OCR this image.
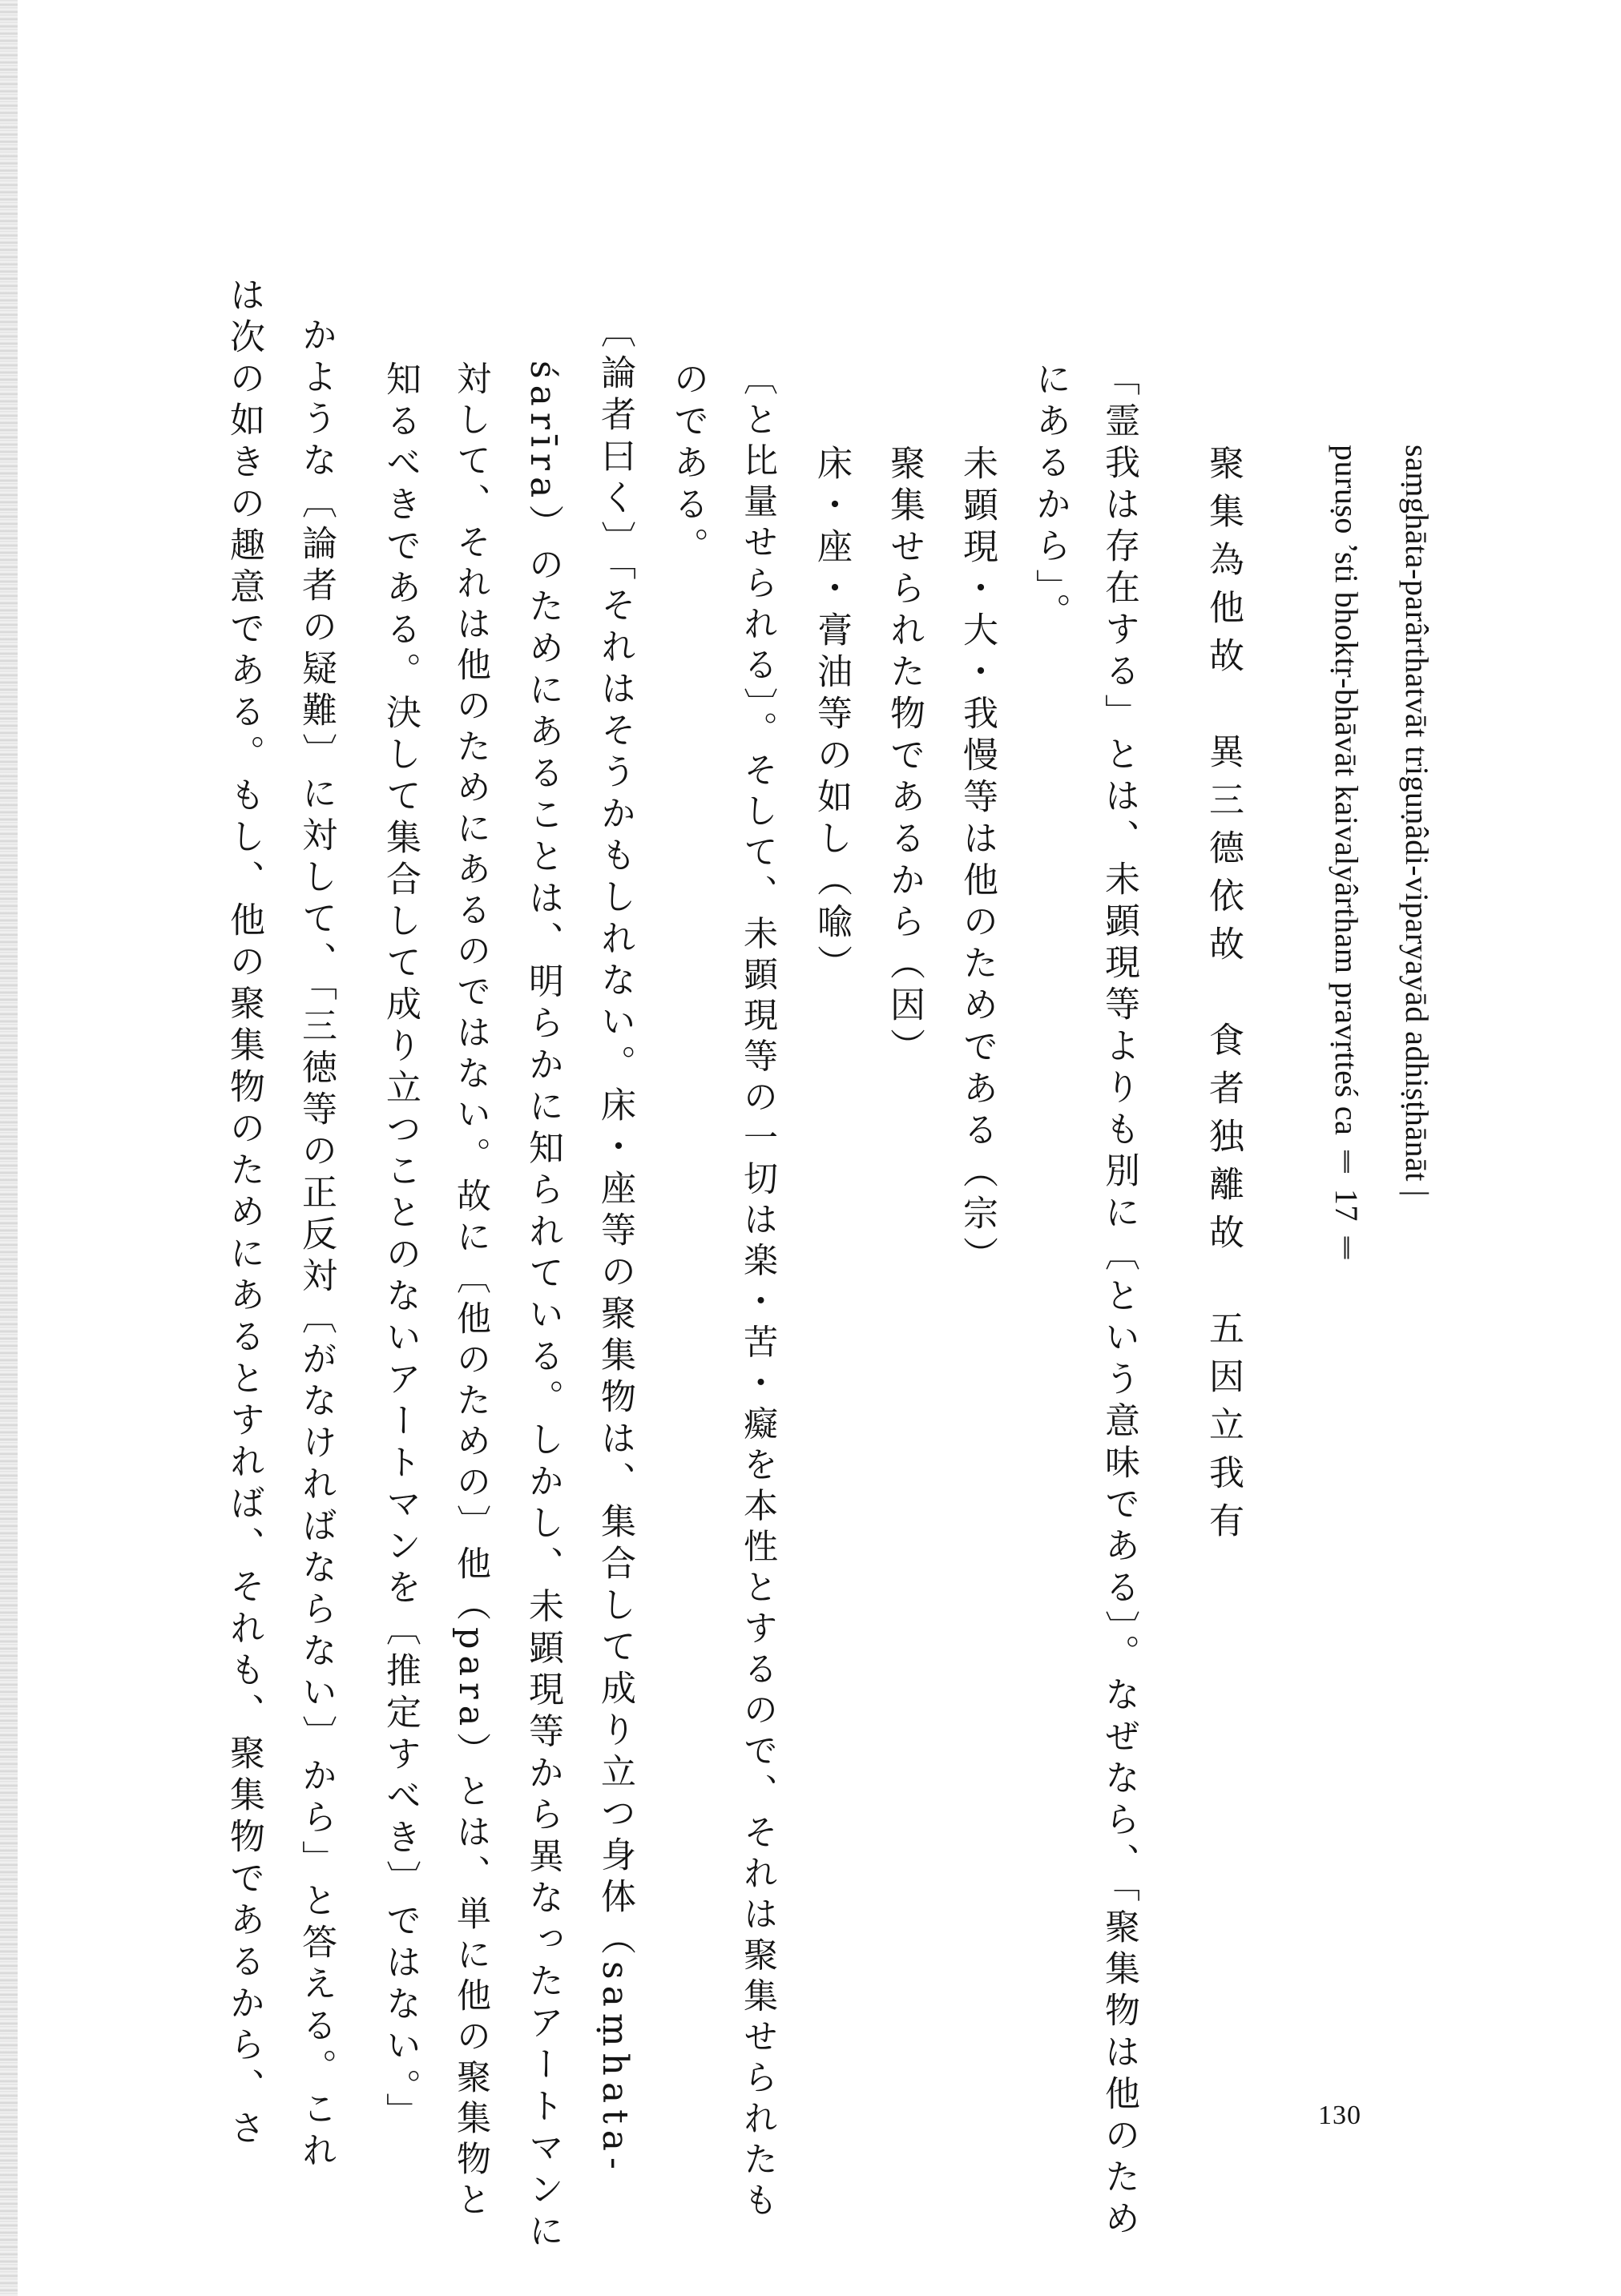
saṃghāta-parârthatvāt triguṇâdi-viparyayād adhiṣṭhānāt |
puruṣo ’sti bhoktṛ-bhāvāt kaivalyârtham pravṛtteś ca ‖ 17 ‖
聚集為他故　異三德依故　食者独離故　五因立我有
「霊我は存在する」とは、未顕現等よりも別に〔という意味である〕。なぜなら、「聚集物は他のため
にあるから」。
未顕現・大・我慢等は他のためである（宗）
聚集せられた物であるから（因）
床・座・膏油等の如し（喩）
〔と比量せられる〕。そして、未顕現等の一切は楽・苦・癡を本性とするので、それは聚集せられたも
のである。
〔論者曰く〕「それはそうかもしれない。床・座等の聚集物は、集合して成り立つ身体（saṃhata-
śarīra）のためにあることは、明らかに知られている。しかし、未顕現等から異なったアートマンに
対して、それは他のためにあるのではない。故に〔他のための〕他（para）とは、単に他の聚集物と
知るべきである。決して集合して成り立つことのないアートマンを〔推定すべき〕ではない。」
かような〔論者の疑難〕に対して、「三徳等の正反対〔がなければならない〕から」と答える。これ
は次の如きの趣意である。もし、他の聚集物のためにあるとすれば、それも、聚集物であるから、さ	130
